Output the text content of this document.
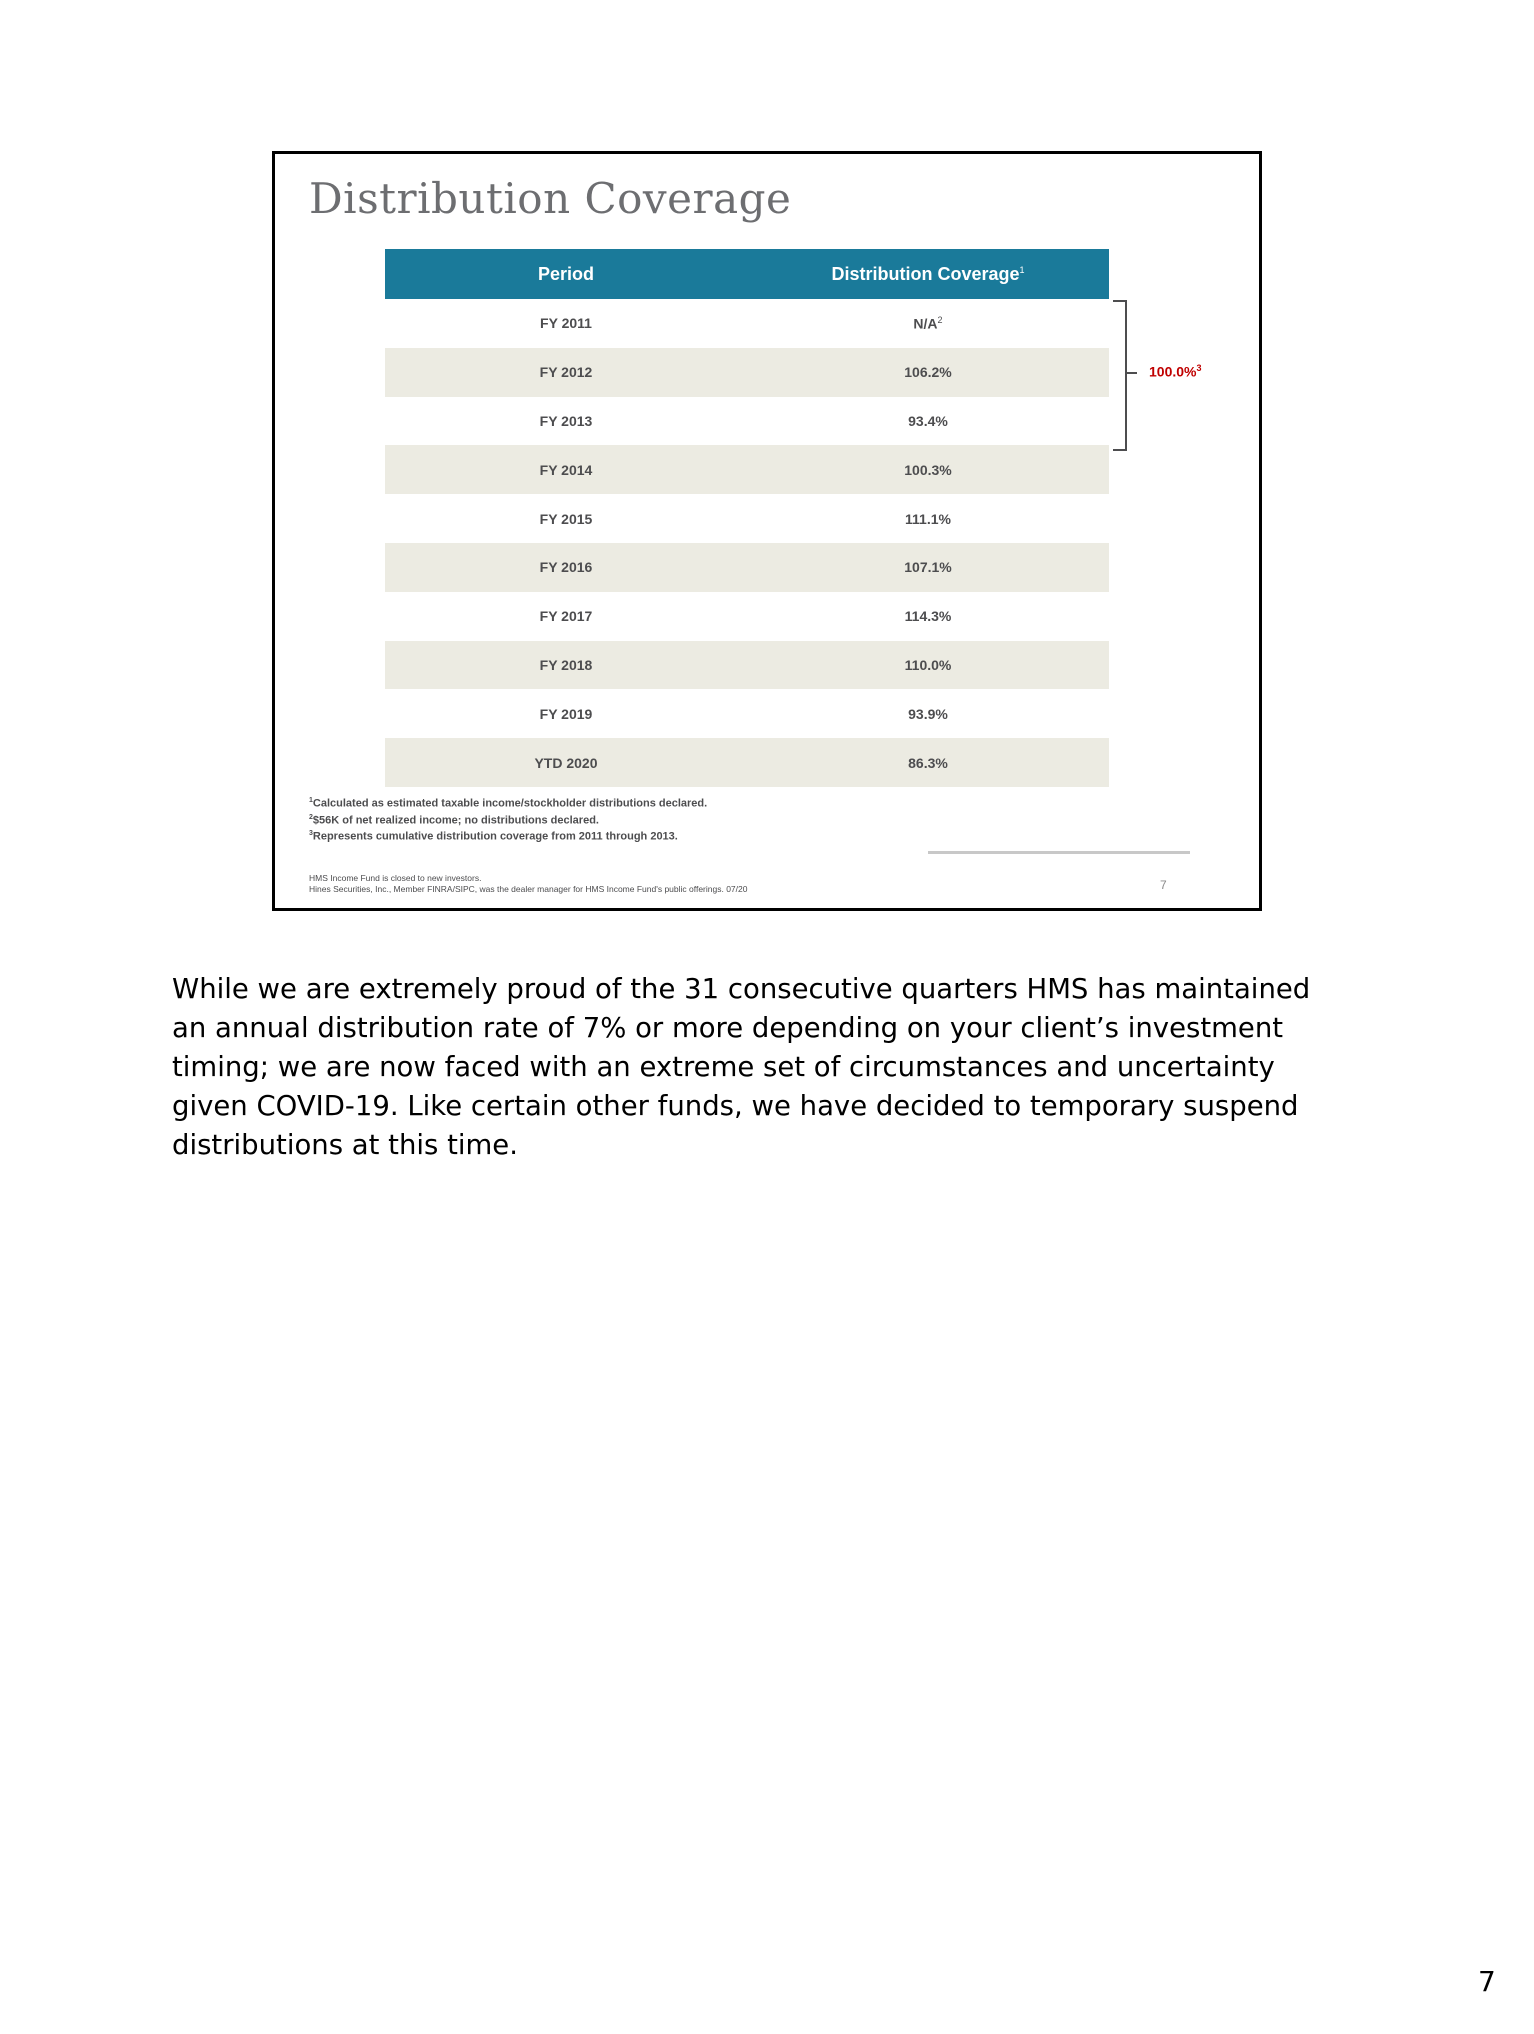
Distribution Coverage
Period	Distribution Coverage$^1$
FY 2011	$N/A^2$
FY 2012	106.2%
FY 2013	93.4%
FY 2014	100.3%
FY 2015	111.1%
FY 2016	107.1%
FY 2017	114.3%
FY 2018	110.0%
FY 2019	93.9%
YTD 2020	86.3%
100.0%$^3$
$^1$Calculated as estimated taxable income/stockholder distributions declared.
$^2$\$56K of net realized income; no distributions declared.
$^3$Represents cumulative distribution coverage from 2011 through 2013.
HMS Income Fund is closed to new investors.
Hines Securities, Inc., Member FINRA/SIPC, was the dealer manager for HMS Income Fund's public offerings. 07/20	7

While we are extremely proud of the 31 consecutive quarters HMS has maintained an annual distribution rate of 7% or more depending on your client’s investment timing; we are now faced with an extreme set of circumstances and uncertainty given COVID-19. Like certain other funds, we have decided to temporary suspend distributions at this time.

7
